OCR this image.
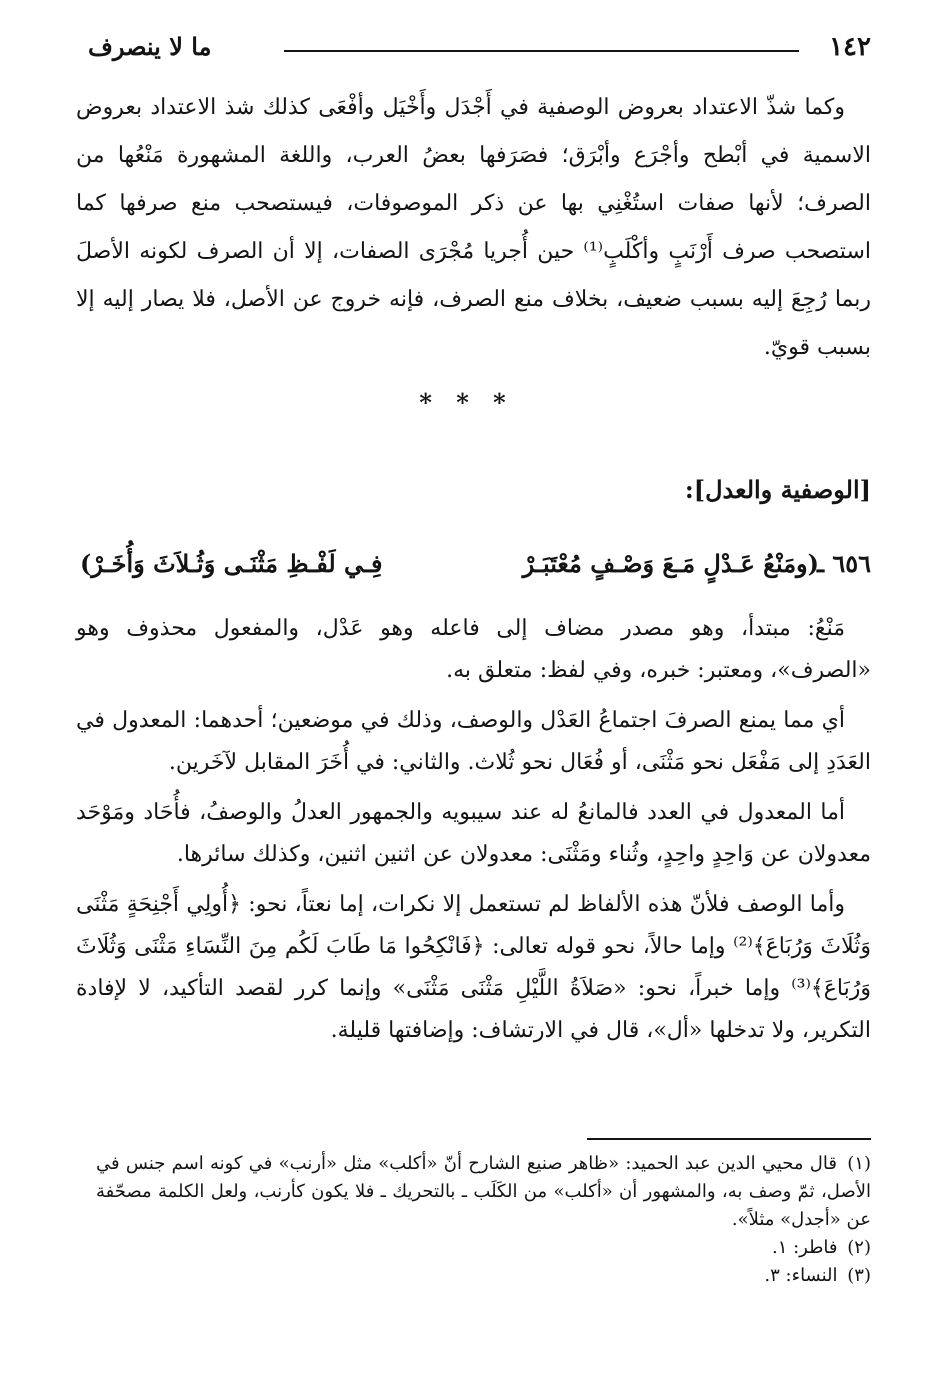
١٤٢
ما لا ينصرف

وكما شذّ الاعتداد بعروض الوصفية في أَجْدَل وأَخْيَل وأفْعَى كذلك شذ الاعتداد بعروض الاسمية في أبْطح وأجْرَع وأبْرَق؛ فصَرَفها بعضُ العرب، واللغة المشهورة مَنْعُها من الصرف؛ لأنها صفات استُغْنِي بها عن ذكر الموصوفات، فيستصحب منع صرفها كما استصحب صرف أَرْنَبٍ وأكْلَبٍ⁽¹⁾ حين أُجريا مُجْرَى الصفات، إلا أن الصرف لكونه الأصلَ ربما رُجِعَ إليه بسبب ضعيف، بخلاف منع الصرف، فإنه خروج عن الأصل، فلا يصار إليه إلا بسبب قويّ.

* * *
[الوصفية والعدل]:
٦٥٦ ـ
(ومَنْعُ عَـدْلٍ مَـعَ وَصْـفٍ مُعْتَبَـرْ
فِـي لَفْـظِ مَثْنَـى وَثُـلاَثَ وَأُخَـرْ)

مَنْعُ: مبتدأ، وهو مصدر مضاف إلى فاعله وهو عَدْل، والمفعول محذوف وهو «الصرف»، ومعتبر: خبره، وفي لفظ: متعلق به.

أي مما يمنع الصرفَ اجتماعُ العَدْل والوصف، وذلك في موضعين؛ أحدهما: المعدول في العَدَدِ إلى مَفْعَل نحو مَثْنَى، أو فُعَال نحو ثُلاث. والثاني: في أُخَرَ المقابل لآخَرين.

أما المعدول في العدد فالمانعُ له عند سيبويه والجمهور العدلُ والوصفُ، فأُحَاد ومَوْحَد معدولان عن وَاحِدٍ واحِدٍ، وثُناء ومَثْنَى: معدولان عن اثنين اثنين، وكذلك سائرها.

وأما الوصف فلأنّ هذه الألفاظ لم تستعمل إلا نكرات، إما نعتاً، نحو: ﴿أُولِي أَجْنِحَةٍ مَثْنَى وَثُلَاثَ وَرُبَاعَ﴾⁽²⁾ وإما حالاً، نحو قوله تعالى: ﴿فَانْكِحُوا مَا طَابَ لَكُم مِنَ النِّسَاءِ مَثْنَى وَثُلَاثَ وَرُبَاعَ﴾⁽³⁾ وإما خبراً، نحو: «صَلاَةُ اللَّيْلِ مَثْنَى مَثْنَى» وإنما كرر لقصد التأكيد، لا لإفادة التكرير، ولا تدخلها «أل»، قال في الارتشاف: وإضافتها قليلة.

(١) قال محيي الدين عبد الحميد: «ظاهر صنيع الشارح أنّ «أكلب» مثل «أرنب» في كونه اسم جنس في الأصل، ثمّ وصف به، والمشهور أن «أكلب» من الكَلَب ـ بالتحريك ـ فلا يكون كأرنب، ولعل الكلمة مصحّفة عن «أجدل» مثلاً».

(٢) فاطر: ١.

(٣) النساء: ٣.
